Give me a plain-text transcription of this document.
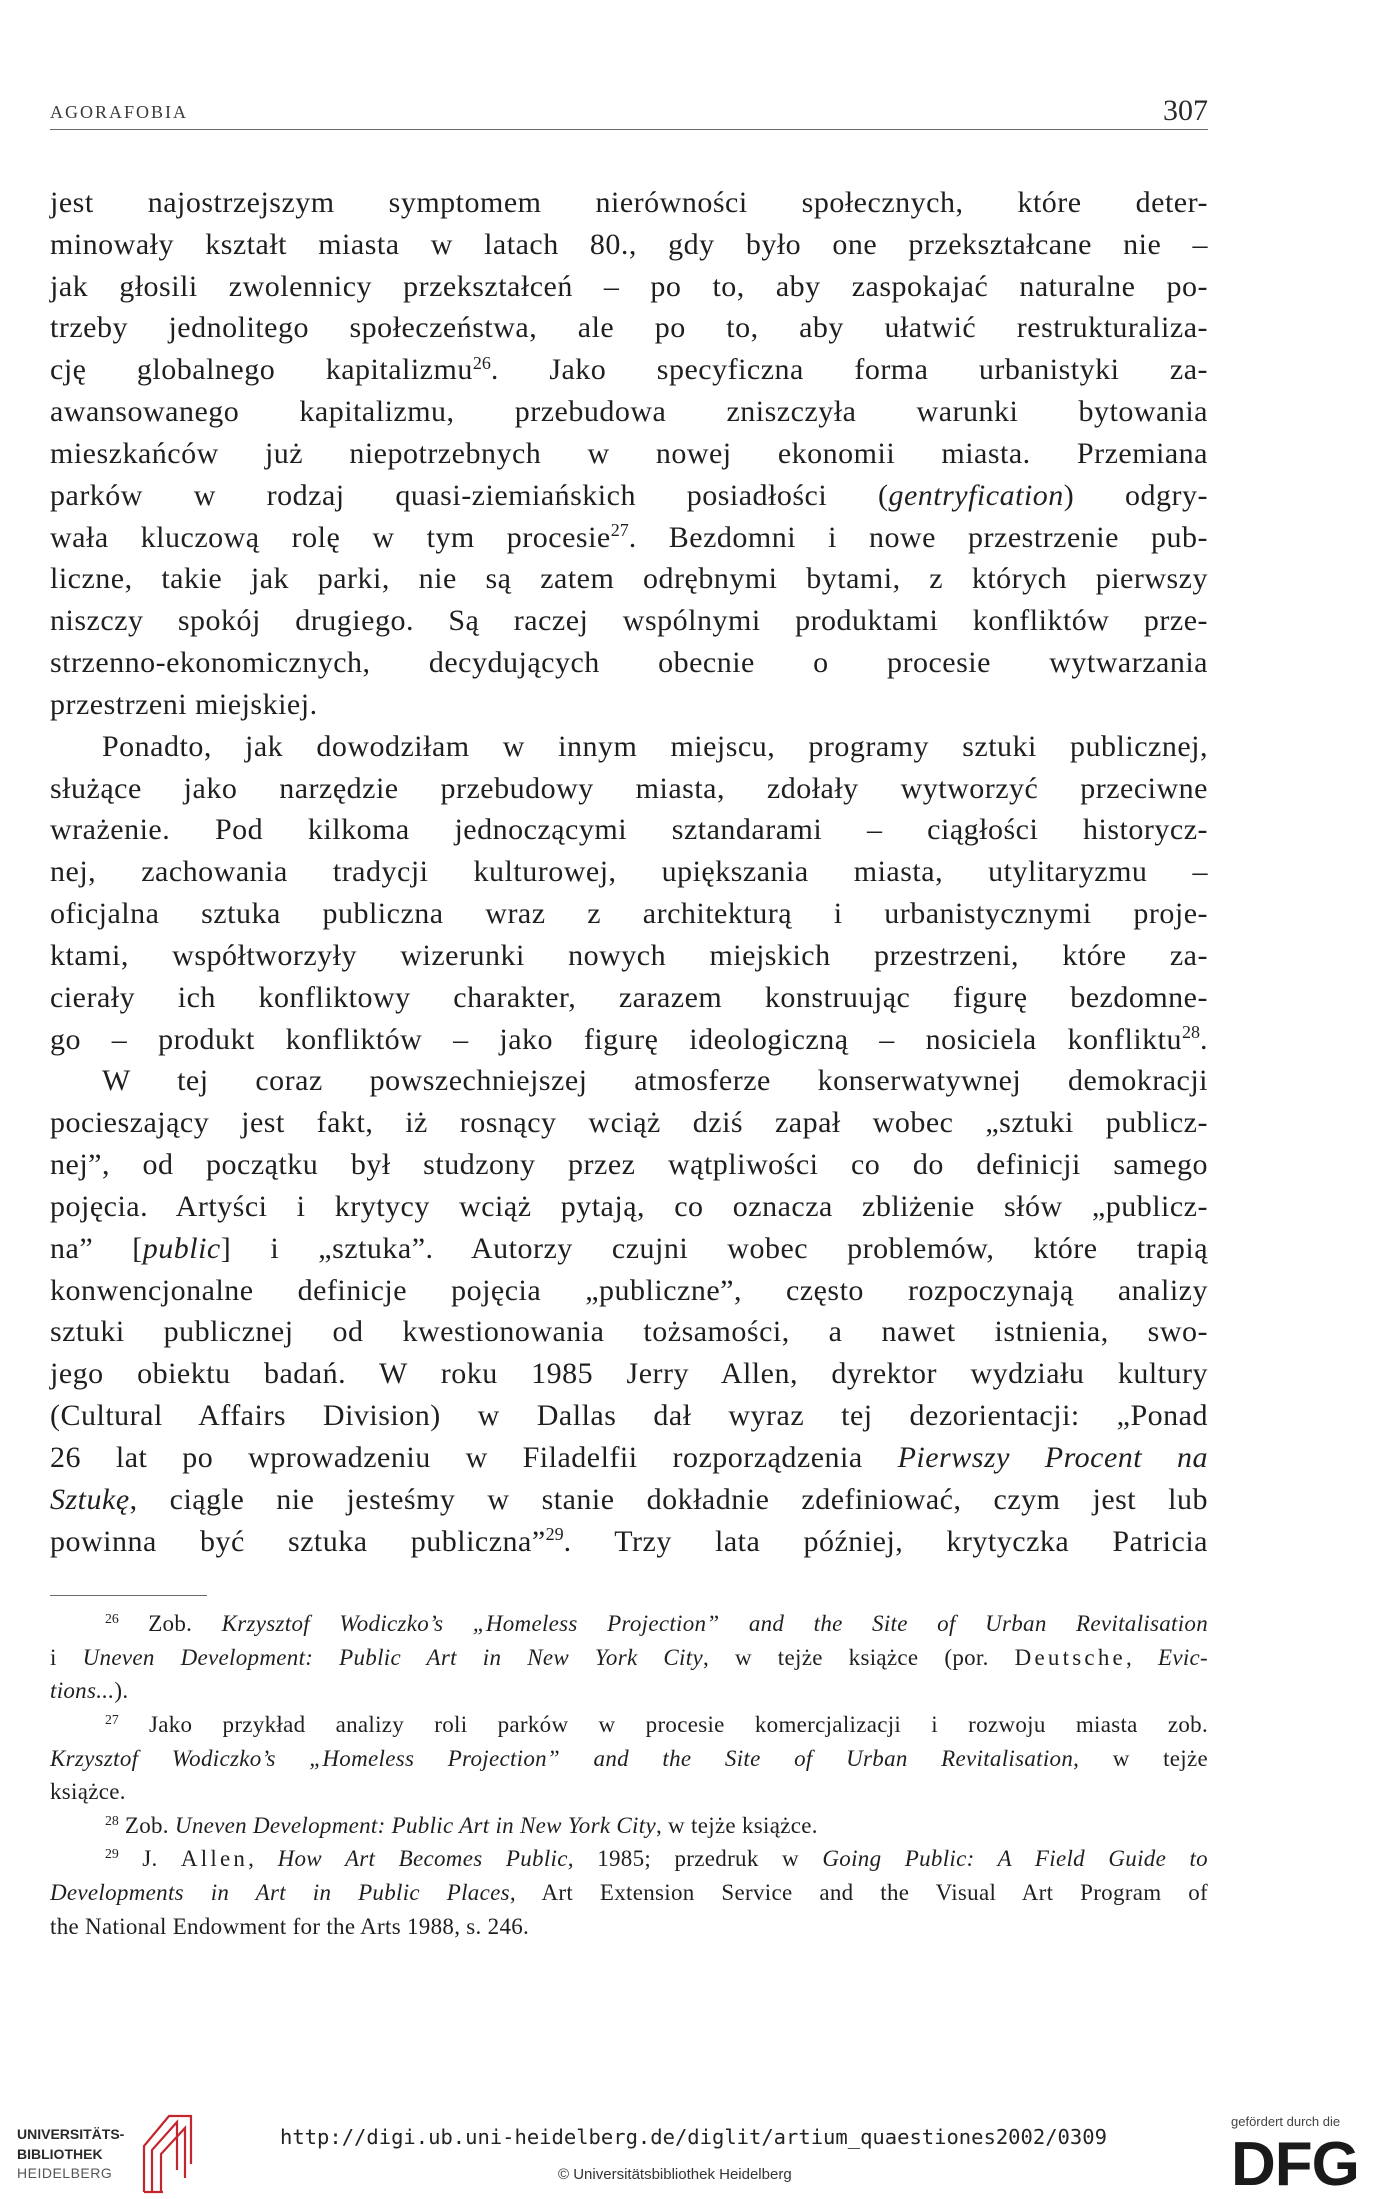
AGORAFOBIA	307
jest najostrzejszym symptomem nierówności społecznych, które deter-
minowały kształt miasta w latach 80., gdy było one przekształcane nie –
jak głosili zwolennicy przekształceń – po to, aby zaspokajać naturalne po-
trzeby jednolitego społeczeństwa, ale po to, aby ułatwić restrukturaliza-
cję globalnego kapitalizmu$^{26}$. Jako specyficzna forma urbanistyki za-
awansowanego kapitalizmu, przebudowa zniszczyła warunki bytowania
mieszkańców już niepotrzebnych w nowej ekonomii miasta. Przemiana
parków w rodzaj quasi-ziemiańskich posiadłości (gentryfication) odgry-
wała kluczową rolę w tym procesie$^{27}$. Bezdomni i nowe przestrzenie pub-
liczne, takie jak parki, nie są zatem odrębnymi bytami, z których pierwszy
niszczy spokój drugiego. Są raczej wspólnymi produktami konfliktów prze-
strzenno-ekonomicznych, decydujących obecnie o procesie wytwarzania
przestrzeni miejskiej.
Ponadto, jak dowodziłam w innym miejscu, programy sztuki publicznej,
służące jako narzędzie przebudowy miasta, zdołały wytworzyć przeciwne
wrażenie. Pod kilkoma jednoczącymi sztandarami – ciągłości historycz-
nej, zachowania tradycji kulturowej, upiększania miasta, utylitaryzmu –
oficjalna sztuka publiczna wraz z architekturą i urbanistycznymi proje-
ktami, współtworzyły wizerunki nowych miejskich przestrzeni, które za-
cierały ich konfliktowy charakter, zarazem konstruując figurę bezdomne-
go – produkt konfliktów – jako figurę ideologiczną – nosiciela konfliktu$^{28}$.
W tej coraz powszechniejszej atmosferze konserwatywnej demokracji
pocieszający jest fakt, iż rosnący wciąż dziś zapał wobec „sztuki publicz-
nej”, od początku był studzony przez wątpliwości co do definicji samego
pojęcia. Artyści i krytycy wciąż pytają, co oznacza zbliżenie słów „publicz-
na” [public] i „sztuka”. Autorzy czujni wobec problemów, które trapią
konwencjonalne definicje pojęcia „publiczne”, często rozpoczynają analizy
sztuki publicznej od kwestionowania tożsamości, a nawet istnienia, swo-
jego obiektu badań. W roku 1985 Jerry Allen, dyrektor wydziału kultury
(Cultural Affairs Division) w Dallas dał wyraz tej dezorientacji: „Ponad
26 lat po wprowadzeniu w Filadelfii rozporządzenia Pierwszy Procent na
Sztukę, ciągle nie jesteśmy w stanie dokładnie zdefiniować, czym jest lub
powinna być sztuka publiczna”$^{29}$. Trzy lata później, krytyczka Patricia
$^{26}$ Zob. Krzysztof Wodiczko’s „Homeless Projection” and the Site of Urban Revitalisation
i Uneven Development: Public Art in New York City, w tejże książce (por. Deutsche, Evic-
tions...).
$^{27}$ Jako przykład analizy roli parków w procesie komercjalizacji i rozwoju miasta zob.
Krzysztof Wodiczko’s „Homeless Projection” and the Site of Urban Revitalisation, w tejże
książce.
$^{28}$ Zob. Uneven Development: Public Art in New York City, w tejże książce.
$^{29}$ J. Allen, How Art Becomes Public, 1985; przedruk w Going Public: A Field Guide to
Developments in Art in Public Places, Art Extension Service and the Visual Art Program of
the National Endowment for the Arts 1988, s. 246.
UNIVERSITÄTS-
BIBLIOTHEK
HEIDELBERG
http://digi.ub.uni-heidelberg.de/diglit/artium_quaestiones2002/0309
© Universitätsbibliothek Heidelberg
gefördert durch die
DFG
